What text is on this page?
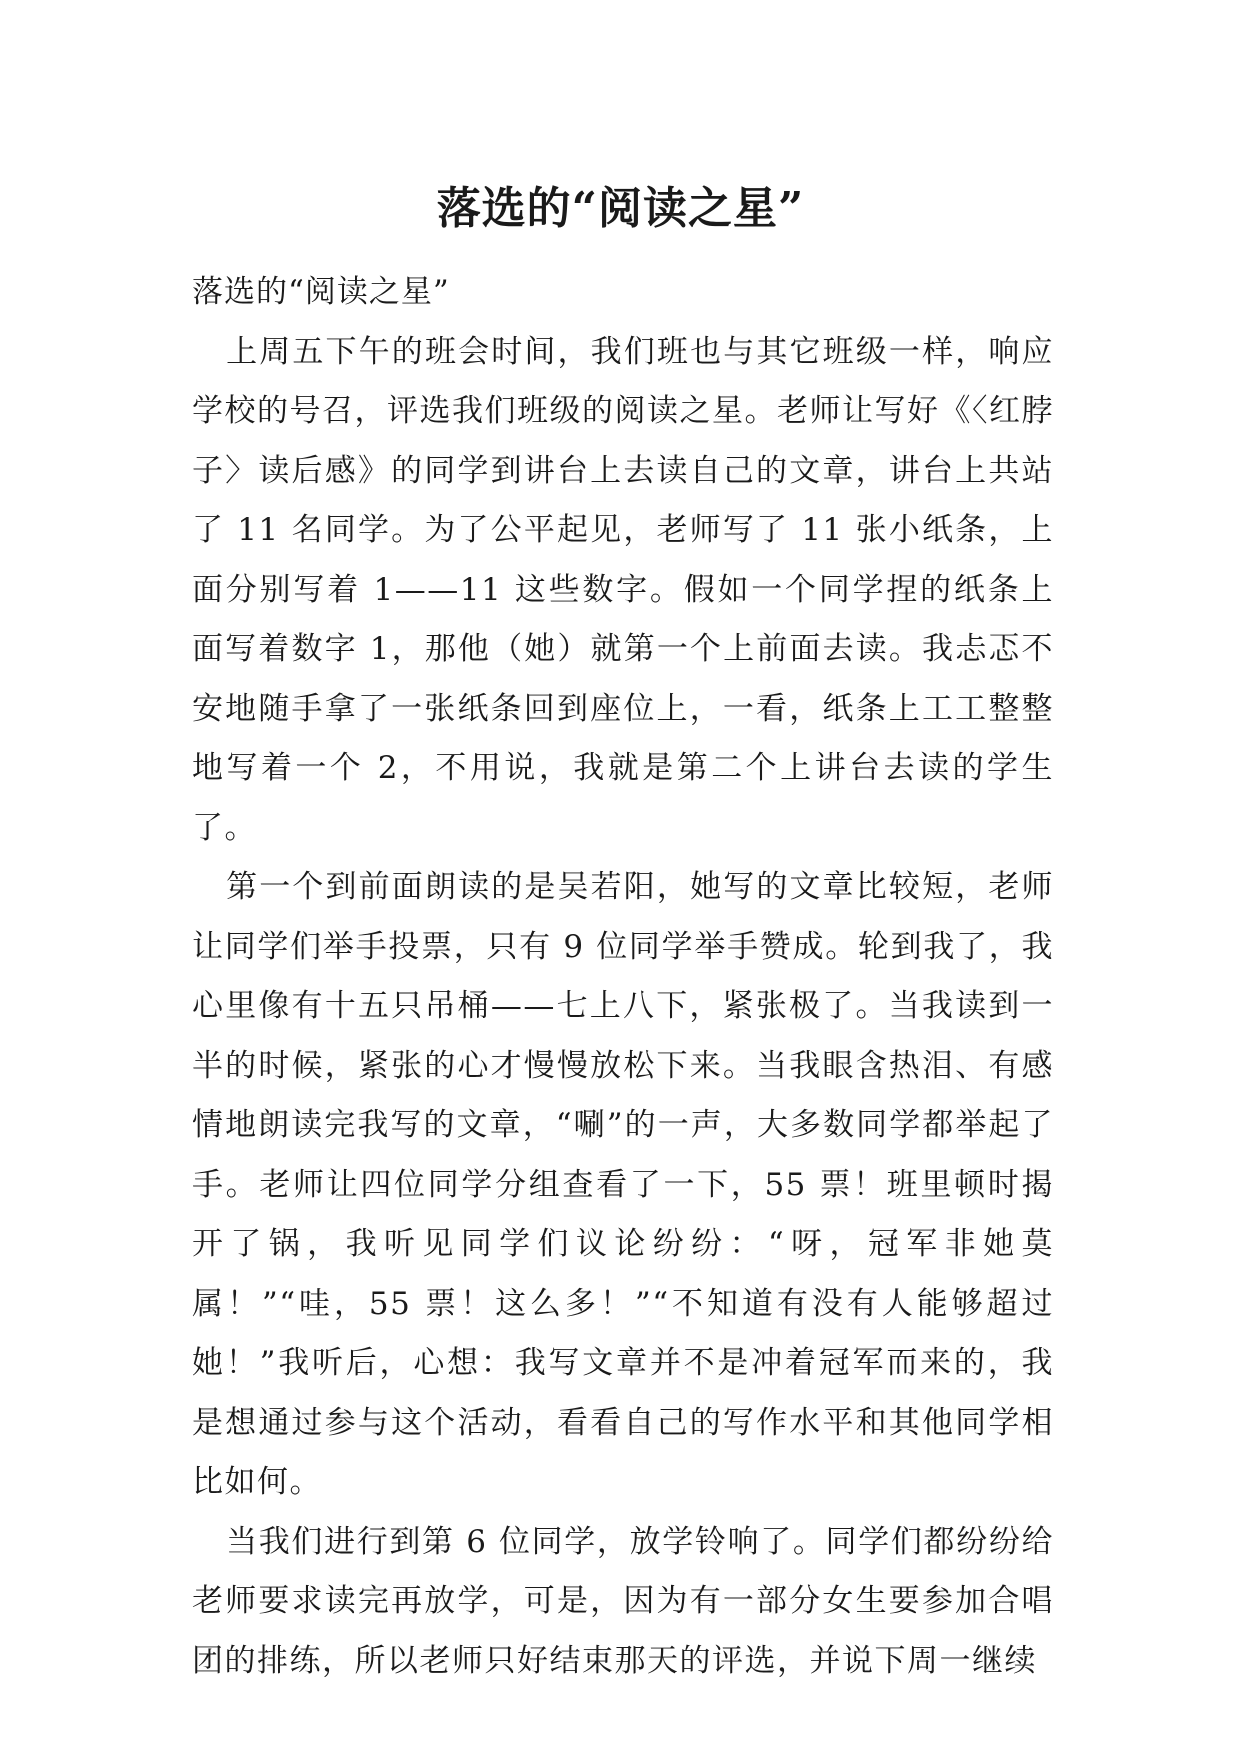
落选的“阅读之星”

落选的“阅读之星”

上周五下午的班会时间，我们班也与其它班级一样，响应学校的号召，评选我们班级的阅读之星。老师让写好《〈红脖子〉读后感》的同学到讲台上去读自己的文章，讲台上共站了 11 名同学。为了公平起见，老师写了 11 张小纸条，上面分别写着 1——11 这些数字。假如一个同学捏的纸条上面写着数字 1，那他（她）就第一个上前面去读。我忐忑不安地随手拿了一张纸条回到座位上，一看，纸条上工工整整地写着一个 2，不用说，我就是第二个上讲台去读的学生了。

第一个到前面朗读的是吴若阳，她写的文章比较短，老师让同学们举手投票，只有 9 位同学举手赞成。轮到我了，我心里像有十五只吊桶——七上八下，紧张极了。当我读到一半的时候，紧张的心才慢慢放松下来。当我眼含热泪、有感情地朗读完我写的文章，“唰”的一声，大多数同学都举起了手。老师让四位同学分组查看了一下，55 票！班里顿时揭开了锅，我听见同学们议论纷纷：“呀，冠军非她莫属！”“哇，55 票！这么多！”“不知道有没有人能够超过她！”我听后，心想：我写文章并不是冲着冠军而来的，我是想通过参与这个活动，看看自己的写作水平和其他同学相比如何。

当我们进行到第 6 位同学，放学铃响了。同学们都纷纷给老师要求读完再放学，可是，因为有一部分女生要参加合唱团的排练，所以老师只好结束那天的评选，并说下周一继续
